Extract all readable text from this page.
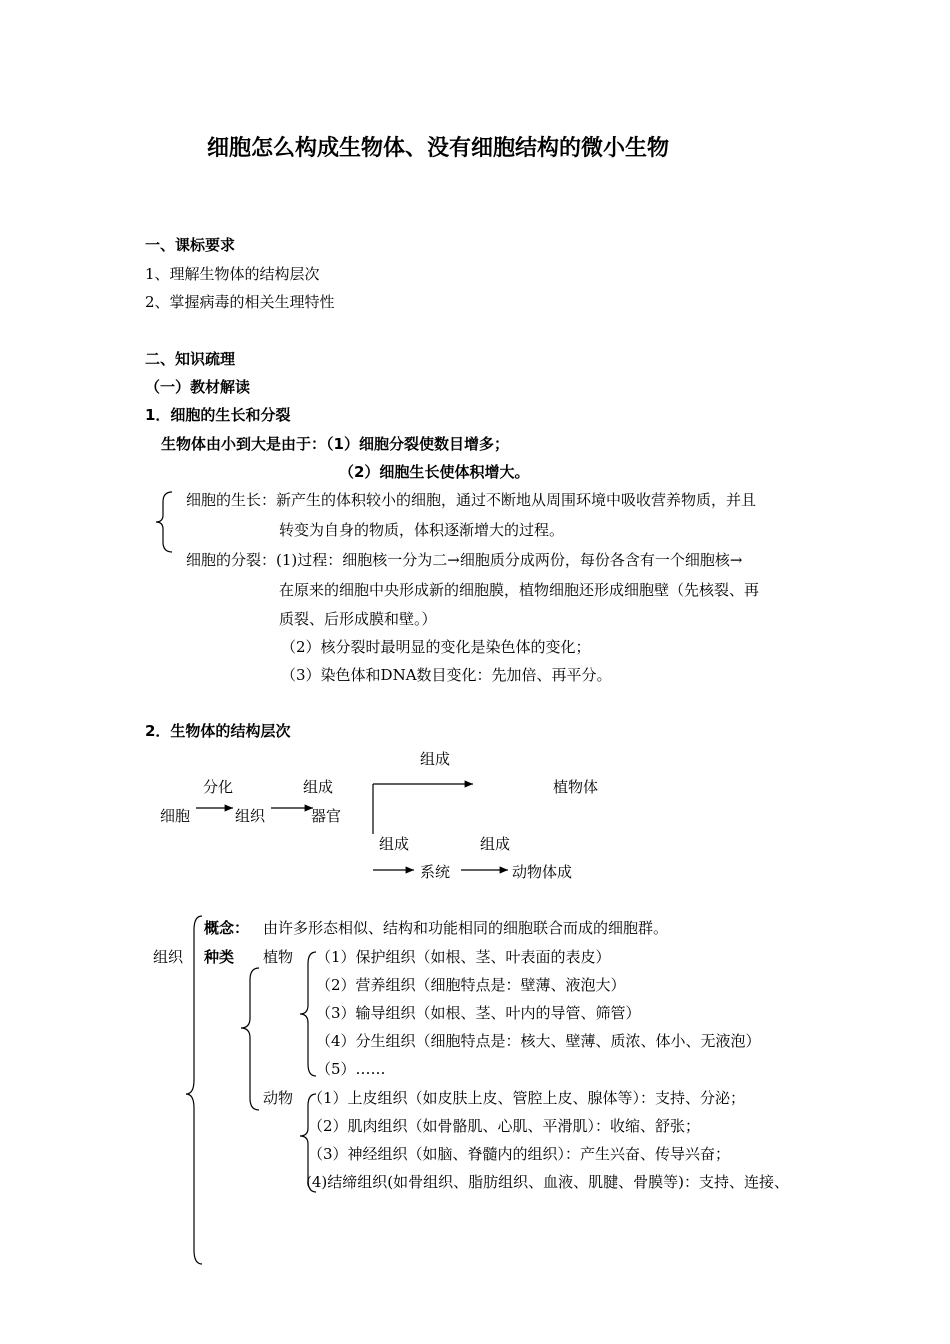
细胞怎么构成生物体、没有细胞结构的微小生物
一、课标要求
1、理解生物体的结构层次
2、掌握病毒的相关生理特性
二、知识疏理
（一）教材解读
1．细胞的生长和分裂
生物体由小到大是由于：（1）细胞分裂使数目增多；
（2）细胞生长使体积增大。
细胞的生长：新产生的体积较小的细胞，通过不断地从周围环境中吸收营养物质，并且
转变为自身的物质，体积逐渐增大的过程。
细胞的分裂：(1)过程：细胞核一分为二→细胞质分成两份，每份各含有一个细胞核→
在原来的细胞中央形成新的细胞膜，植物细胞还形成细胞壁（先核裂、再
质裂、后形成膜和壁。）
（2）核分裂时最明显的变化是染色体的变化；
（3）染色体和DNA数目变化：先加倍、再平分。
2．生物体的结构层次
组成
分化	组成	植物体
细胞	组织	器官
组成	组成
系统	动物体成
组织
概念： 由许多形态相似、结构和功能相同的细胞联合而成的细胞群。
种类 植物 （1）保护组织（如根、茎、叶表面的表皮）
（2）营养组织（细胞特点是：壁薄、液泡大）
（3）输导组织（如根、茎、叶内的导管、筛管）
（4）分生组织（细胞特点是：核大、壁薄、质浓、体小、无液泡）
（5）……
动物 （1）上皮组织（如皮肤上皮、管腔上皮、腺体等）：支持、分泌；
（2）肌肉组织（如骨骼肌、心肌、平滑肌）：收缩、舒张；
（3）神经组织（如脑、脊髓内的组织）：产生兴奋、传导兴奋；
(4)结缔组织(如骨组织、脂肪组织、血液、肌腱、骨膜等)：支持、连接、
